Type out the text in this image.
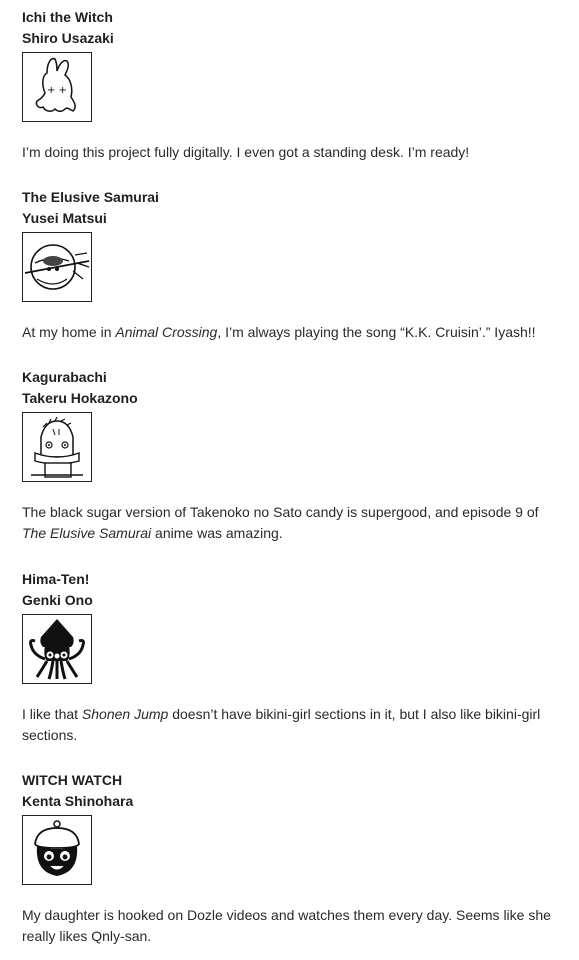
Ichi the Witch
Shiro Usazaki
+ +
I’m doing this project fully digitally. I even got a standing desk. I’m ready!
The Elusive Samurai
Yusei Matsui
At my home in Animal Crossing, I’m always playing the song “K.K. Cruisin’.” Iyash!!
Kagurabachi
Takeru Hokazono
The black sugar version of Takenoko no Sato candy is supergood, and episode 9 of The Elusive Samurai anime was amazing.
Hima-Ten!
Genki Ono
I like that Shonen Jump doesn’t have bikini-girl sections in it, but I also like bikini-girl sections.
WITCH WATCH
Kenta Shinohara
My daughter is hooked on Dozle videos and watches them every day. Seems like she really likes Qnly-san.
